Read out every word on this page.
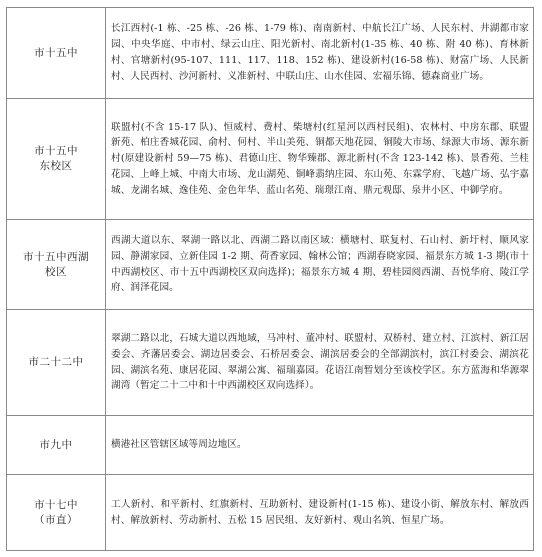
市十五中	长江西村(-1 栋、-25 栋、-26 栋、1-79 栋)、南南新村、中航长江广场、人民东村、井湖都市家园、中央华庭、中市村、绿云山庄、阳光新村、南北新村(1-35 栋、40 栋、附 40 栋)、育林新村、官塘新村(95-107、111、117、118、152 栋)、建设新村(16-58 栋)、财富广场、人民新村、人民西村、沙河新村、义准新村、中联山庄、山水佳园、宏福乐锦、德森商业广场。

市十五中
东校区	联盟村(不含 15-17 队)、恒威村、费村、柴塘村(红星河以西村民组)、农林村、中房东郡、联盟新苑、柏庄香城花园、俞村、何村、半山美苑、铜都天地花园、铜陵大市场、绿源大市场、源东新村(原建设新村 59—75 栋)、君德山庄、物华臻郡、源北新村(不含 123-142 栋)、景香苑、兰桂花园、上峰上城、中南大市场、龙山湖苑、铜峰翡纳庄园、东山苑、东霖学府、飞越广场、弘宇嘉城、龙湖名城、逸佳苑、金色年华、蓝山名苑、瑞璟江南、鼎元观邸、泉井小区、中御学府。

市十五中西湖
校区	西湖大道以东、翠湖一路以北、西湖二路以南区域：横塘村、联复村、石山村、新圩村、顺风家园、静湖家园、立新佳园 1-2 期、荷香家园、翰林公馆；西湖春晓家园、福景东方城 1-3 期(市十中西湖校区、市十五中西湖校区双向选择)；福景东方城 4 期、碧桂园阅西湖、吾悦华府、陵江学府、润泽花园。

市二十二中	翠湖二路以北，石城大道以西地域，马冲村、董冲村、联盟村、双桥村、建立村、江滨村、新江居委会、齐藩居委会、湖边居委会、石桥居委会、湖滨居委会的全部湖滨村，滨江村委会、湖滨花园、湖滨名苑、康居花园、翠湖公寓、福瑞嘉园。花语江南暂划分至该校学区。东方蓝海和华源翠湖湾（暂定二十二中和十中西湖校区双向选择）。

市九中	横港社区管辖区域等周边地区。

市十七中
（市直）	工人新村、和平新村、红旗新村、互助新村、建设新村(1-15 栋)、建设小街、解放东村、解放西村、解放新村、劳动新村、五松 15 居民组、友好新村、观山名筑、恒星广场。
